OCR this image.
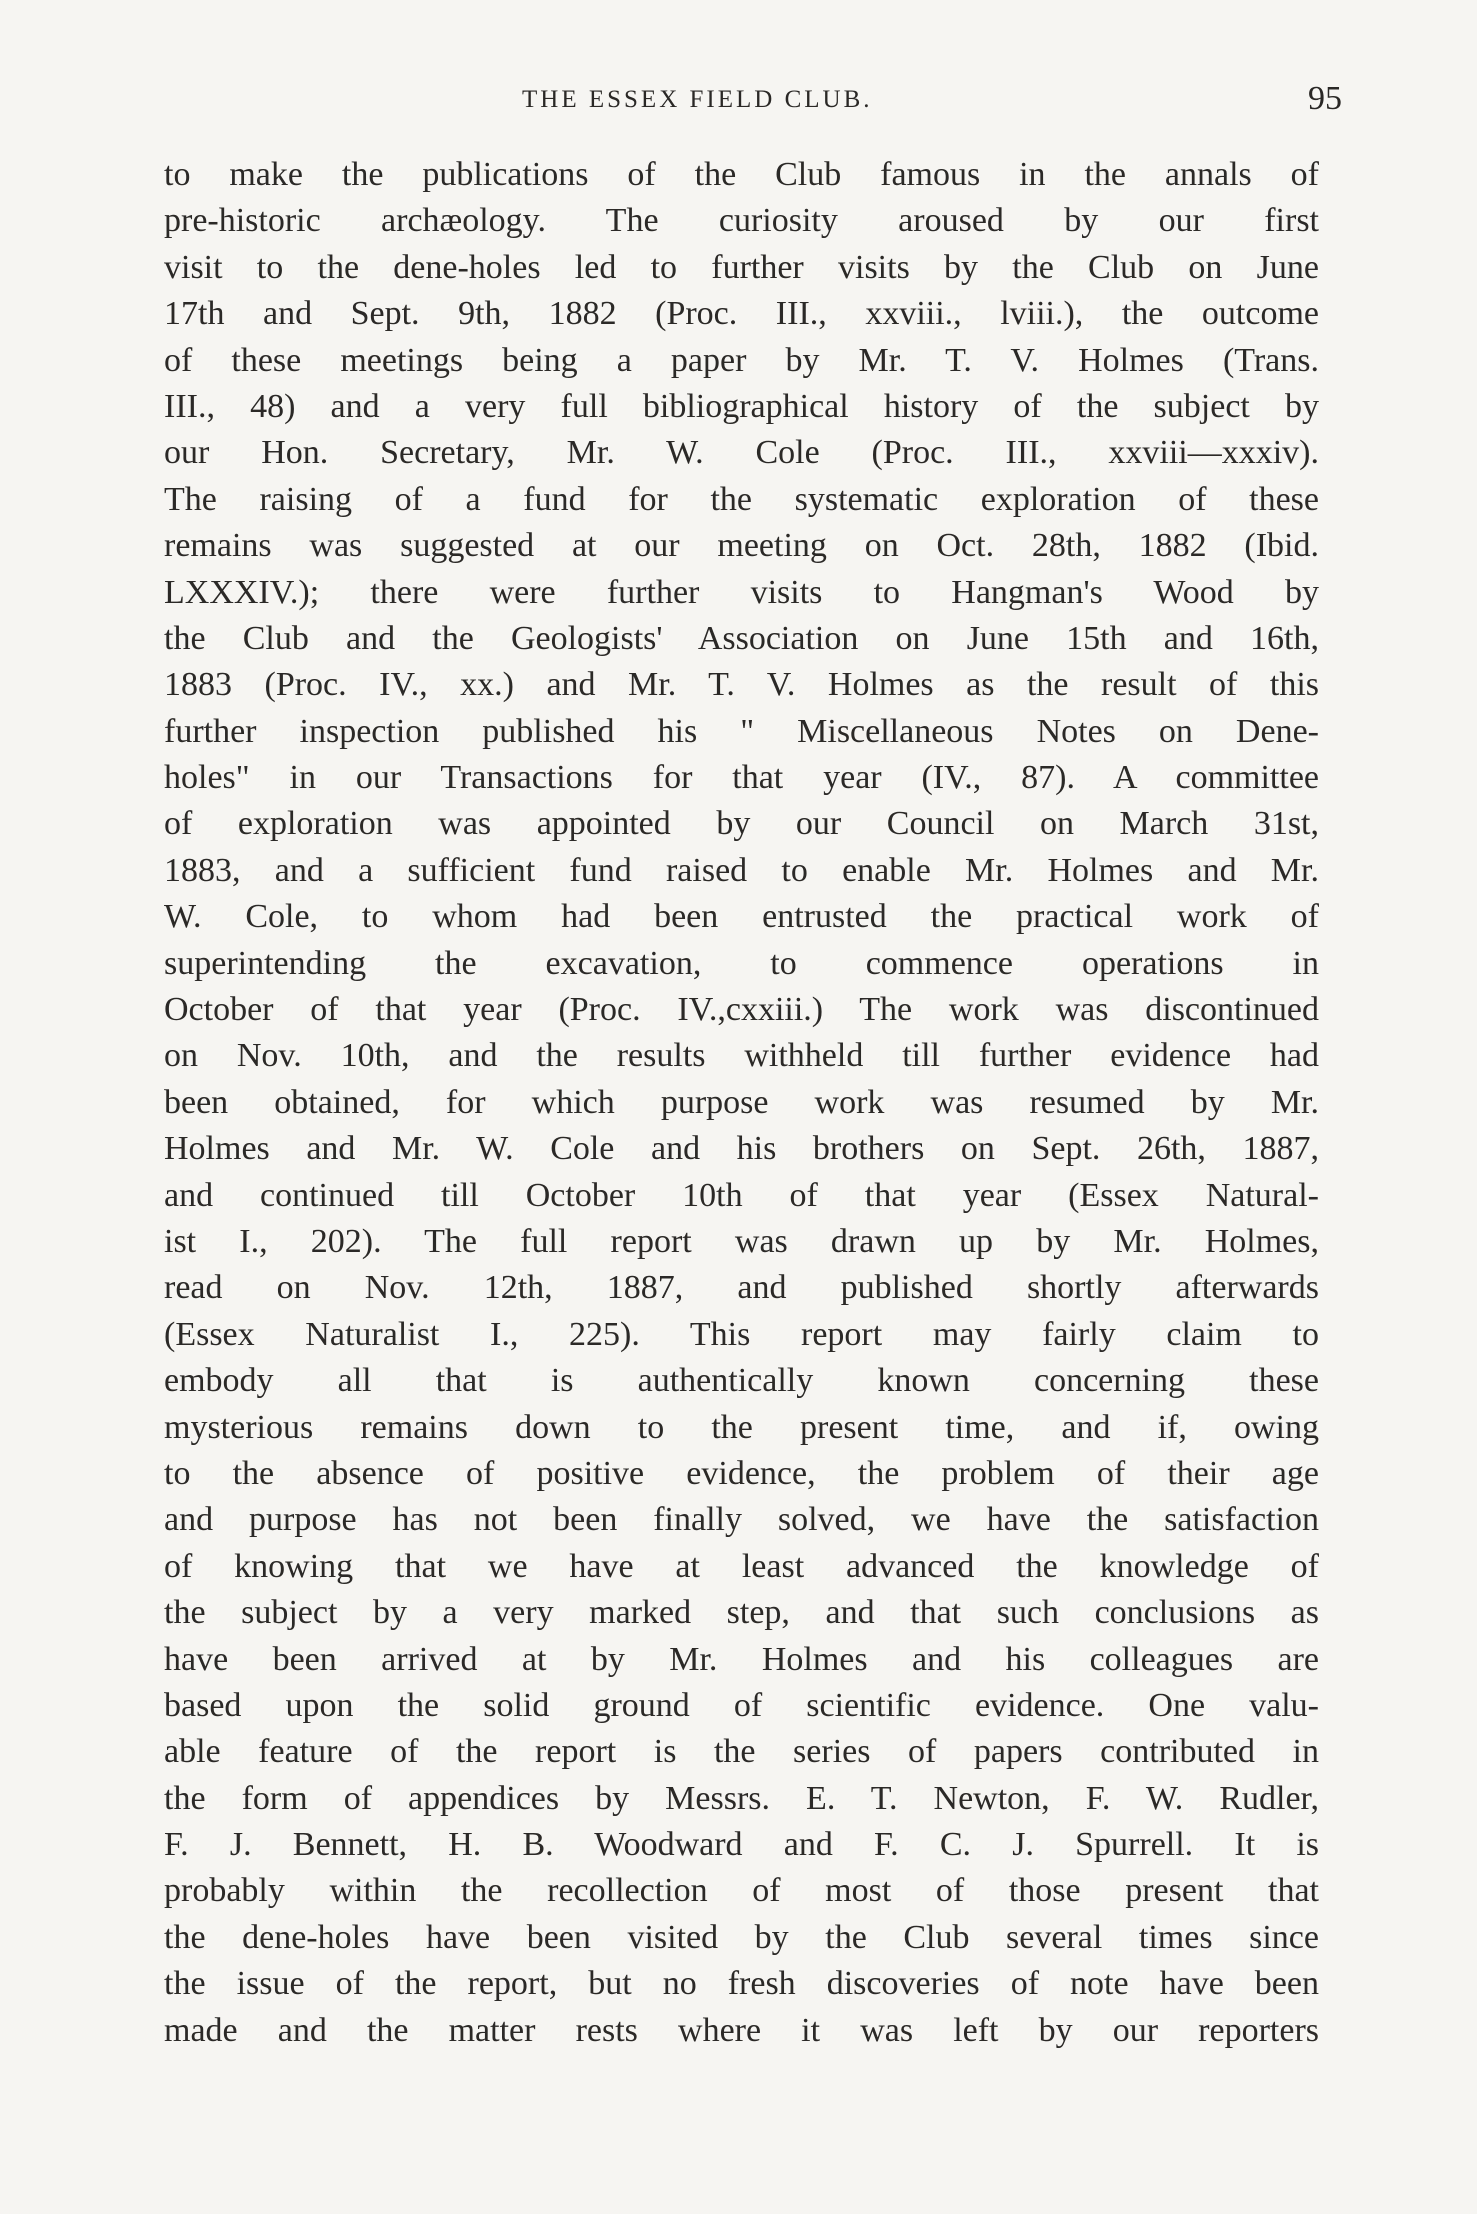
THE ESSEX FIELD CLUB.	95
to make the publications of the Club famous in the annals of
pre-historic archæology. The curiosity aroused by our first
visit to the dene-holes led to further visits by the Club on June
17th and Sept. 9th, 1882 (Proc. III., xxviii., lviii.), the outcome
of these meetings being a paper by Mr. T. V. Holmes (Trans.
III., 48) and a very full bibliographical history of the subject by
our Hon. Secretary, Mr. W. Cole (Proc. III., xxviii—xxxiv).
The raising of a fund for the systematic exploration of these
remains was suggested at our meeting on Oct. 28th, 1882 (Ibid.
LXXXIV.); there were further visits to Hangman's Wood by
the Club and the Geologists' Association on June 15th and 16th,
1883 (Proc. IV., xx.) and Mr. T. V. Holmes as the result of this
further inspection published his " Miscellaneous Notes on Dene-
holes" in our Transactions for that year (IV., 87). A committee
of exploration was appointed by our Council on March 31st,
1883, and a sufficient fund raised to enable Mr. Holmes and Mr.
W. Cole, to whom had been entrusted the practical work of
superintending the excavation, to commence operations in
October of that year (Proc. IV.,cxxiii.) The work was discontinued
on Nov. 10th, and the results withheld till further evidence had
been obtained, for which purpose work was resumed by Mr.
Holmes and Mr. W. Cole and his brothers on Sept. 26th, 1887,
and continued till October 10th of that year (Essex Natural-
ist I., 202). The full report was drawn up by Mr. Holmes,
read on Nov. 12th, 1887, and published shortly afterwards
(Essex Naturalist I., 225). This report may fairly claim to
embody all that is authentically known concerning these
mysterious remains down to the present time, and if, owing
to the absence of positive evidence, the problem of their age
and purpose has not been finally solved, we have the satisfaction
of knowing that we have at least advanced the knowledge of
the subject by a very marked step, and that such conclusions as
have been arrived at by Mr. Holmes and his colleagues are
based upon the solid ground of scientific evidence. One valu-
able feature of the report is the series of papers contributed in
the form of appendices by Messrs. E. T. Newton, F. W. Rudler,
F. J. Bennett, H. B. Woodward and F. C. J. Spurrell. It is
probably within the recollection of most of those present that
the dene-holes have been visited by the Club several times since
the issue of the report, but no fresh discoveries of note have been
made and the matter rests where it was left by our reporters
